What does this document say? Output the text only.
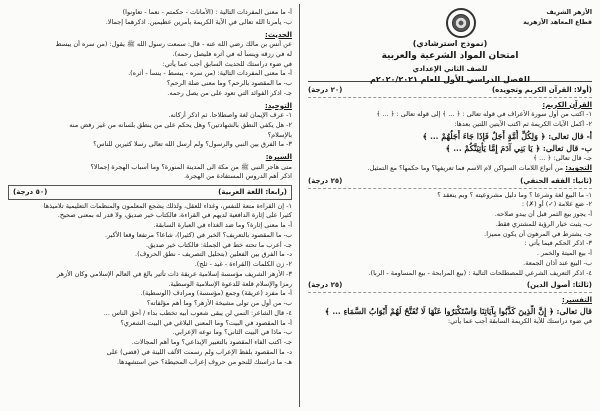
الأزهر الشريف
قطاع المعاهد الأزهرية
(نموذج استرشادي)
امتحان المواد الشرعية والعربية
للصف الثاني الإعدادي
للفصل الدراسي الأول للعام ٢٠٢٠/٢٠٢١م
(أولا: القرآن الكريم وتجويده)
(٢٠ درجة)
القرآن الكريم:
١- اكتب من أول سورة الأعراف في قوله تعالى : ﴿ ... ﴾ إلى قوله تعالى : ﴿ ... ﴾
٢- أكمل الآيات الكريمة ثم اكتب الآيتين اللتين بعدها:
أ- قال تعالى: ﴿ وَلِكُلِّ أُمَّةٍ أَجَلٌ فَإِذَا جَاءَ أَجَلُهُمْ ... ﴾
ب- قال تعالى: ﴿ يَا بَنِي آدَمَ إِمَّا يَأْتِيَنَّكُمْ ... ﴾
جـ- قال تعالى: ﴿ ... ﴾
التجويد: من أنواع اللامات السواكن لام الاسم فما تعريفها؟ وما حكمها؟ مع التمثيل.
(ثانيا: الفقه الحنفي)
(٢٥ درجة)
١- ما البيع لغة وشرعا ؟ وما دليل مشروعيته ؟ وبم ينعقد ؟
٢- ضع علامة (✓) أو (✗) :
أ- يجوز بيع الثمر قبل أن يبدو صلاحه.
ب- يثبت خيار الرؤية للمشتري فقط.
جـ- يشترط في المرهون أن يكون مميزا.
٣- اذكر الحكم فيما يأتي :
أ- بيع الميتة والخمر .
ب- البيع عند أذان الجمعة.
٤- اذكر التعريف الشرعي للمصطلحات التالية : (بيع المرابحة - بيع المساومة - الربا).
(ثالثا: أصول الدين)
(٢٥ درجة)
التفسير:
قال تعالى: ﴿ إِنَّ الَّذِينَ كَذَّبُوا بِآيَاتِنَا وَاسْتَكْبَرُوا عَنْهَا لَا تُفَتَّحُ لَهُمْ أَبْوَابُ السَّمَاءِ ... ﴾
في ضوء دراستك للآية الكريمة السابقة أجب عما يأتي:
أ- ما معنى المفردات التالية : (الأمانات - حكمتم - نعما - تعاونوا)
ب- يأمرنا الله تعالى في الآية الكريمة بأمرين عظيمين. اذكرهما إجمالا.
الحديث:
عن أنس بن مالك رضي الله عنه - قال: سمعت رسول الله ﷺ يقول: (من سره أن يبسط
له في رزقه وينسأ له في أثره فليصل رحمه).
في ضوء دراستك للحديث السابق أجب عما يأتي:
أ- ما معنى المفردات التالية: (من سره - يبسط - ينسأ - أثره).
ب- ما المقصود بالرحم؟ وما معنى صلة الرحم؟
جـ- اذكر الفوائد التي تعود على من يصل رحمه.
التوحيد:
١- عرف الإيمان لغة واصطلاحا. ثم اذكر أركانه.
٢- هل يكفي النطق بالشهادتين؟ وهل يحكم على من ينطق بلسانه من غير رفض منه
بالإسلام؟
٣- ما الفرق بين النبي والرسول؟ ولم أرسل الله تعالى رسلا كثيرين للناس؟
السيرة:
متى هاجر النبي ﷺ من مكة الى المدينة المنورة؟ وما أسباب الهجرة إجمالا؟
اذكر أهم الدروس المستفادة من الهجرة.
(رابعا: اللغة العربية)
(٥٠ درجة)
١- إن القراءة متعة للنفس، وغذاء للعقل، ولذلك يشجع المعلمون والمنظمات التعليمية تلاميذها
كثيرا على إثارة الدافعية لديهم في القراءة، فالكتاب خير صديق، ولا قدر له بمعنى صحيح.
أ- ما معنى إثارة؟ وما ضد الغذاء في العبارة السابقة.
ب- ما المقصود بالتعريف؟ الخبر في (كثيرا)، شاعا؟ مرتفعا وقعا الأكبر.
جـ- أعرب ما تحته خط في الجملة: فالكتاب خير صديق.
د- ما الفرق بين الفعلين (بتحليل التصريف - نطق الحروف).
٢- زن الكلمات (القراءة - غيد - ثلج).
٣- الأزهر الشريف مؤسسة إسلامية عريقة ذات تأثير بالغ في العالم الإسلامي وكان الأزهر
رمزا والإسلام قلعة للدعوة الإسلامية الوسطية.
أ- ما مفرد (عريقة) وجمع (مؤسسة) ومرادف (الوسطية).
ب- من أول من تولى مشيخة الأزهر؟ وما أهم مؤلفاته؟
٤- قال الشاعر: النمي لن يبقى شعوب أبيه تخطب بداء / أحق الناس ...
أ- ما المقصود في البيت؟ وما المعنى البلاغي في البيت الشعري؟
ب- ماذا في البيت الثاني؟ وما نوعه الإعرابي.
جـ- اكتب الفاء المقصود بالتعبير الإبداعي؟ وما أهم المجالات.
د- ما المقصود بلفظ الإعراب ولم رسمت الألف اللينة في (قضى) على
هـ- ما دراستك للنحو من حروف إعراب المحيطة؟ حين استشهدها.
